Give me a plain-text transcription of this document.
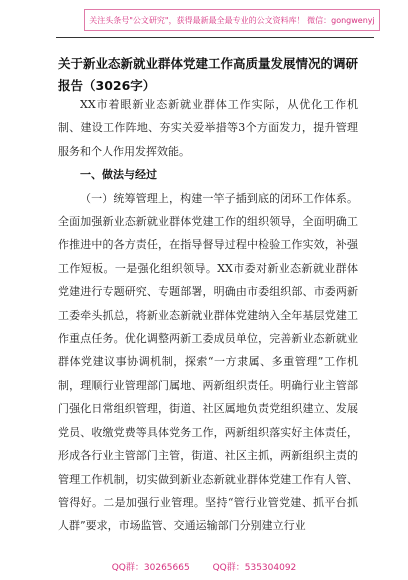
关注头条号"公文研究"，获得最新最全最专业的公文资料库！ 微信：gongwenyj
关于新业态新就业群体党建工作高质量发展情况的调研报告（3026字）

XX市着眼新业态新就业群体工作实际，从优化工作机制、建设工作阵地、夯实关爱举措等3个方面发力，提升管理服务和个人作用发挥效能。

一、做法与经过

（一）统筹管理上，构建一竿子插到底的闭环工作体系。全面加强新业态新就业群体党建工作的组织领导，全面明确工作推进中的各方责任，在指导督导过程中检验工作实效，补强工作短板。一是强化组织领导。XX市委对新业态新就业群体党建进行专题研究、专题部署，明确由市委组织部、市委两新工委牵头抓总，将新业态新就业群体党建纳入全年基层党建工作重点任务。优化调整两新工委成员单位，完善新业态新就业群体党建议事协调机制，探索“一方隶属、多重管理”工作机制，理顺行业管理部门属地、两新组织责任。明确行业主管部门强化日常组织管理，街道、社区属地负责党组织建立、发展党员、收缴党费等具体党务工作，两新组织落实好主体责任，形成各行业主管部门主管，街道、社区主抓，两新组织主责的管理工作机制，切实做到新业态新就业群体党建工作有人管、管得好。二是加强行业管理。坚持“管行业管党建、抓平台抓人群”要求，市场监管、交通运输部门分别建立行业

QQ群：30265665	QQ群：535304092
